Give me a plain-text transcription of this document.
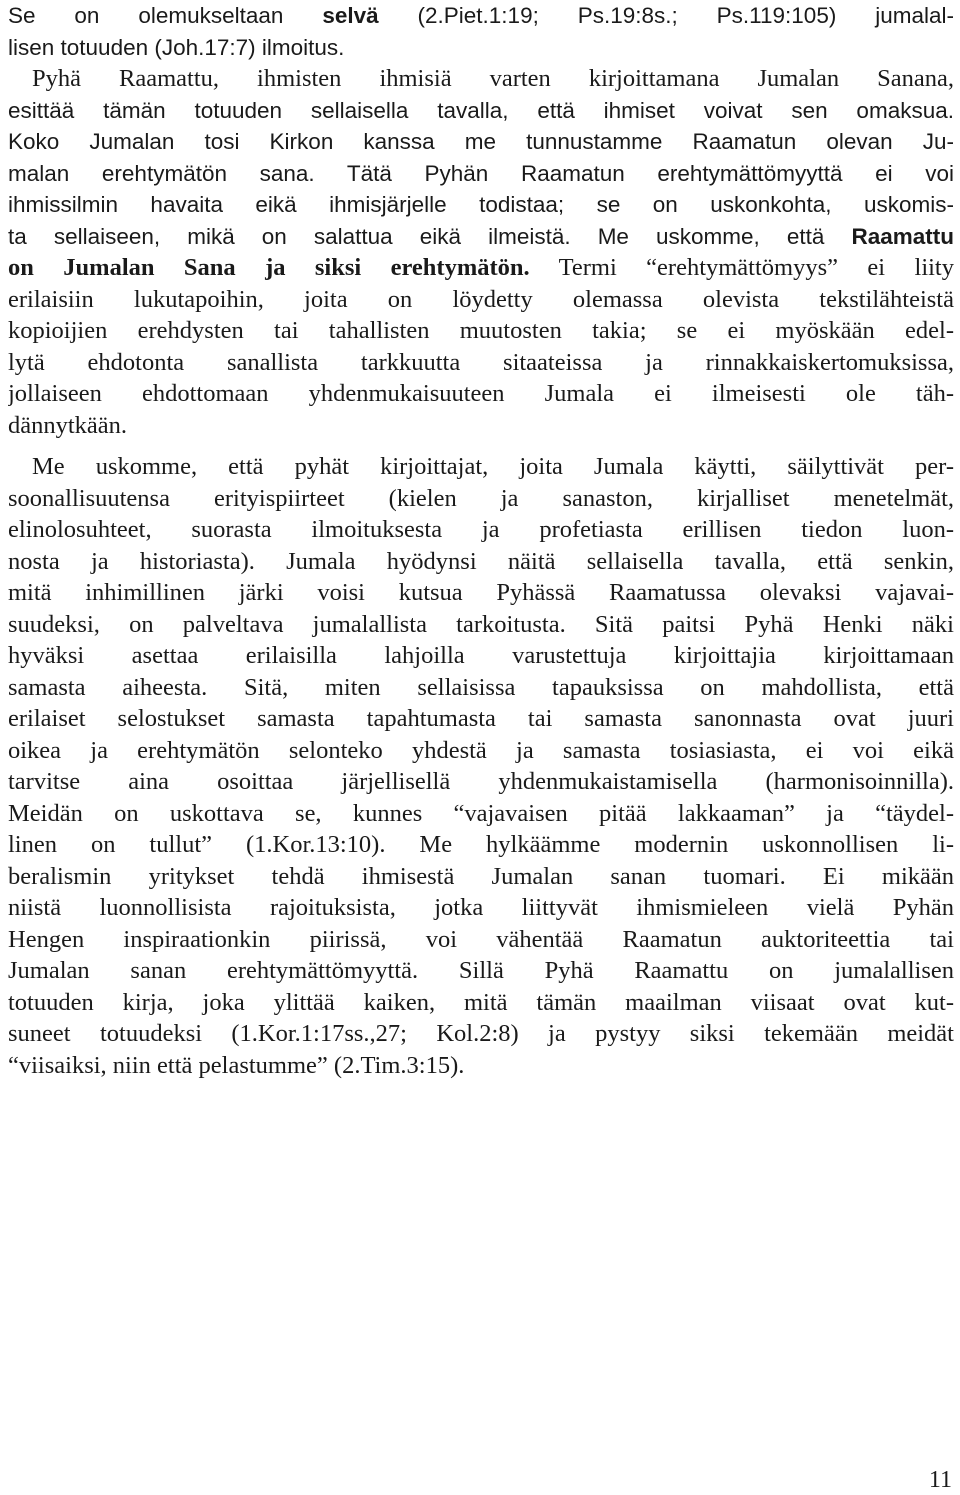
Se on olemukseltaan selvä (2.Piet.1:19; Ps.19:8s.; Ps.119:105) jumalal-
lisen totuuden (Joh.17:7) ilmoitus.
Pyhä Raamattu, ihmisten ihmisiä varten kirjoittamana Jumalan Sanana,
esittää tämän totuuden sellaisella tavalla, että ihmiset voivat sen omaksua.
Koko Jumalan tosi Kirkon kanssa me tunnustamme Raamatun olevan Ju-
malan erehtymätön sana. Tätä Pyhän Raamatun erehtymättömyyttä ei voi
ihmissilmin havaita eikä ihmisjärjelle todistaa; se on uskonkohta, uskomis-
ta sellaiseen, mikä on salattua eikä ilmeistä. Me uskomme, että Raamattu
on Jumalan Sana ja siksi erehtymätön. Termi “erehtymättömyys” ei liity
erilaisiin lukutapoihin, joita on löydetty olemassa olevista tekstilähteistä
kopioijien erehdysten tai tahallisten muutosten takia; se ei myöskään edel-
lytä ehdotonta sanallista tarkkuutta sitaateissa ja rinnakkaiskertomuksissa,
jollaiseen ehdottomaan yhdenmukaisuuteen Jumala ei ilmeisesti ole täh-
dännytkään.
Me uskomme, että pyhät kirjoittajat, joita Jumala käytti, säilyttivät per-
soonallisuutensa erityispiirteet (kielen ja sanaston, kirjalliset menetelmät,
elinolosuhteet, suorasta ilmoituksesta ja profetiasta erillisen tiedon luon-
nosta ja historiasta). Jumala hyödynsi näitä sellaisella tavalla, että senkin,
mitä inhimillinen järki voisi kutsua Pyhässä Raamatussa olevaksi vajavai-
suudeksi, on palveltava jumalallista tarkoitusta. Sitä paitsi Pyhä Henki näki
hyväksi asettaa erilaisilla lahjoilla varustettuja kirjoittajia kirjoittamaan
samasta aiheesta. Sitä, miten sellaisissa tapauksissa on mahdollista, että
erilaiset selostukset samasta tapahtumasta tai samasta sanonnasta ovat juuri
oikea ja erehtymätön selonteko yhdestä ja samasta tosiasiasta, ei voi eikä
tarvitse aina osoittaa järjellisellä yhdenmukaistamisella (harmonisoinnilla).
Meidän on uskottava se, kunnes “vajavaisen pitää lakkaaman” ja “täydel-
linen on tullut” (1.Kor.13:10). Me hylkäämme modernin uskonnollisen li-
beralismin yritykset tehdä ihmisestä Jumalan sanan tuomari. Ei mikään
niistä luonnollisista rajoituksista, jotka liittyvät ihmismieleen vielä Pyhän
Hengen inspiraationkin piirissä, voi vähentää Raamatun auktoriteettia tai
Jumalan sanan erehtymättömyyttä. Sillä Pyhä Raamattu on jumalallisen
totuuden kirja, joka ylittää kaiken, mitä tämän maailman viisaat ovat kut-
suneet totuudeksi (1.Kor.1:17ss.,27; Kol.2:8) ja pystyy siksi tekemään meidät
“viisaiksi, niin että pelastumme” (2.Tim.3:15).
11
